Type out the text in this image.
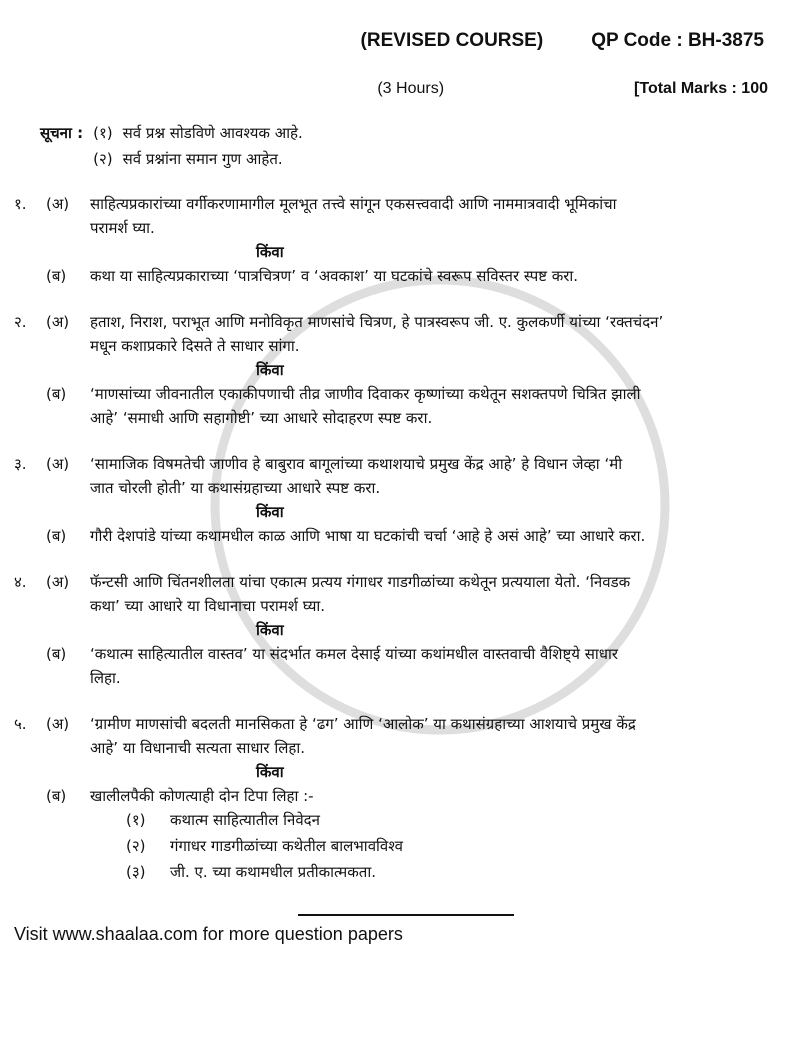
(REVISED COURSE)	QP Code : BH-3875
(3 Hours)	[Total Marks : 100
सूचना : (१) सर्व प्रश्न सोडविणे आवश्यक आहे.
(२) सर्व प्रश्नांना समान गुण आहेत.
१.	(अ)	साहित्यप्रकारांच्या वर्गीकरणामागील मूलभूत तत्त्वे सांगून एकसत्त्ववादी आणि नाममात्रवादी भूमिकांचा
परामर्श घ्या.
किंवा
(ब)	कथा या साहित्यप्रकाराच्या ‘पात्रचित्रण’ व ‘अवकाश’ या घटकांचे स्वरूप सविस्तर स्पष्ट करा.
२.	(अ)	हताश, निराश, पराभूत आणि मनोविकृत माणसांचे चित्रण, हे पात्रस्वरूप जी. ए. कुलकर्णी यांच्या ‘रक्तचंदन’
मधून कशाप्रकारे दिसते ते साधार सांगा.
किंवा
(ब)	‘माणसांच्या जीवनातील एकाकीपणाची तीव्र जाणीव दिवाकर कृष्णांच्या कथेतून सशक्तपणे चित्रित झाली
आहे’ ‘समाधी आणि सहागोष्टी’ च्या आधारे सोदाहरण स्पष्ट करा.
३.	(अ)	‘सामाजिक विषमतेची जाणीव हे बाबुराव बागूलांच्या कथाशयाचे प्रमुख केंद्र आहे’ हे विधान जेव्हा ‘मी
जात चोरली होती’ या कथासंग्रहाच्या आधारे स्पष्ट करा.
किंवा
(ब)	गौरी देशपांडे यांच्या कथामधील काळ आणि भाषा या घटकांची चर्चा ‘आहे हे असं आहे’ च्या आधारे करा.
४.	(अ)	फॅन्टसी आणि चिंतनशीलता यांचा एकात्म प्रत्यय गंगाधर गाडगीळांच्या कथेतून प्रत्ययाला येतो. ‘निवडक
कथा’ च्या आधारे या विधानाचा परामर्श घ्या.
किंवा
(ब)	‘कथात्म साहित्यातील वास्तव’ या संदर्भात कमल देसाई यांच्या कथांमधील वास्तवाची वैशिष्ट्ये साधार
लिहा.
५.	(अ)	‘ग्रामीण माणसांची बदलती मानसिकता हे ‘ढग’ आणि ‘आलोक’ या कथासंग्रहाच्या आशयाचे प्रमुख केंद्र
आहे’ या विधानाची सत्यता साधार लिहा.
किंवा
(ब)	खालीलपैकी कोणत्याही दोन टिपा लिहा :-
(१)	कथात्म साहित्यातील निवेदन
(२)	गंगाधर गाडगीळांच्या कथेतील बालभावविश्व
(३)	जी. ए. च्या कथामधील प्रतीकात्मकता.
Visit www.shaalaa.com for more question papers
